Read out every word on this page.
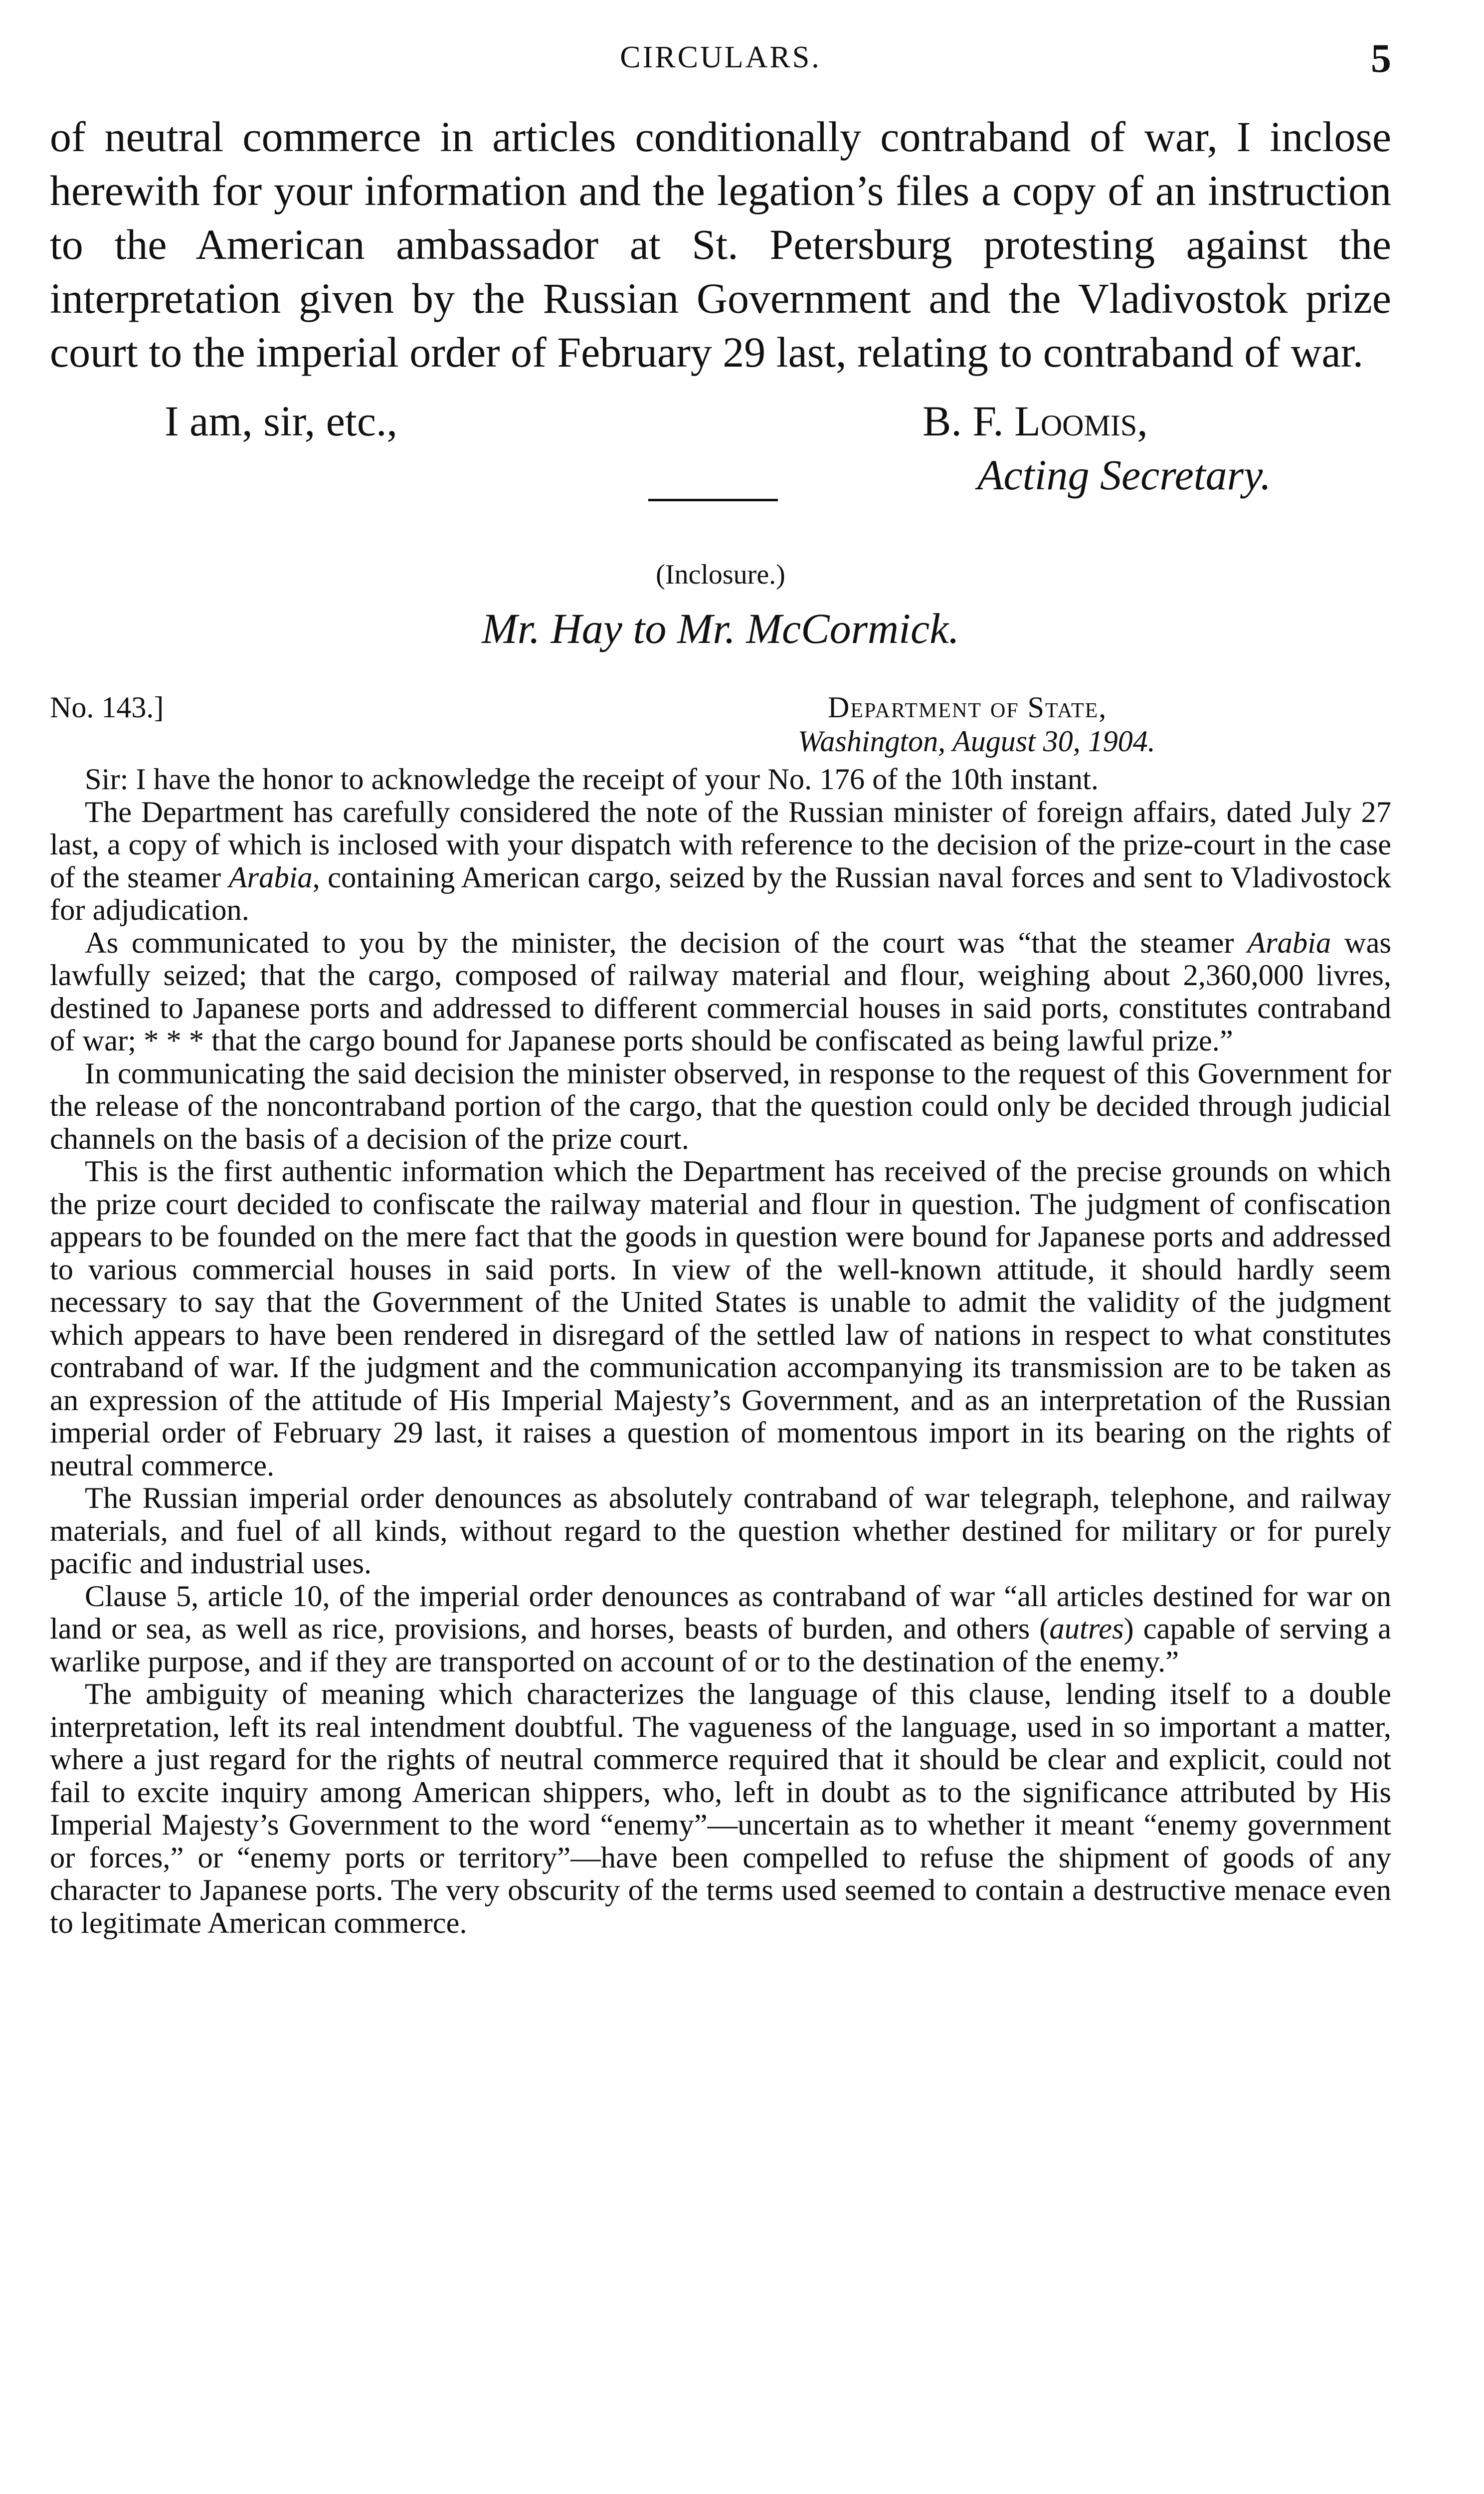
CIRCULARS.	5

of neutral commerce in articles conditionally contraband of war, I inclose herewith for your information and the legation’s files a copy of an instruction to the American ambassador at St. Petersburg protesting against the interpretation given by the Russian Government and the Vladivostok prize court to the imperial order of February 29 last, relating to contraband of war.

I am, sir, etc.,	B. F. Loomis,
Acting Secretary.
(Inclosure.)
Mr. Hay to Mr. McCormick.
No. 143.]	Department of State,
Washington, August 30, 1904.

Sir: I have the honor to acknowledge the receipt of your No. 176 of the 10th instant.

The Department has carefully considered the note of the Russian minister of foreign affairs, dated July 27 last, a copy of which is inclosed with your dispatch with reference to the decision of the prize-court in the case of the steamer Arabia, containing American cargo, seized by the Russian naval forces and sent to Vladivostock for adjudication.

As communicated to you by the minister, the decision of the court was “that the steamer Arabia was lawfully seized; that the cargo, composed of railway material and flour, weighing about 2,360,000 livres, destined to Japanese ports and addressed to different commercial houses in said ports, constitutes contraband of war; * * * that the cargo bound for Japanese ports should be confiscated as being lawful prize.”

In communicating the said decision the minister observed, in response to the request of this Government for the release of the noncontraband portion of the cargo, that the question could only be decided through judicial channels on the basis of a decision of the prize court.

This is the first authentic information which the Department has received of the precise grounds on which the prize court decided to confiscate the railway material and flour in question. The judgment of confiscation appears to be founded on the mere fact that the goods in question were bound for Japanese ports and addressed to various commercial houses in said ports. In view of the well-known attitude, it should hardly seem necessary to say that the Government of the United States is unable to admit the validity of the judgment which appears to have been rendered in disregard of the settled law of nations in respect to what constitutes contraband of war. If the judgment and the communication accompanying its transmission are to be taken as an expression of the attitude of His Imperial Majesty’s Government, and as an interpretation of the Russian imperial order of February 29 last, it raises a question of momentous import in its bearing on the rights of neutral commerce.

The Russian imperial order denounces as absolutely contraband of war telegraph, telephone, and railway materials, and fuel of all kinds, without regard to the question whether destined for military or for purely pacific and industrial uses.

Clause 5, article 10, of the imperial order denounces as contraband of war “all articles destined for war on land or sea, as well as rice, provisions, and horses, beasts of burden, and others (autres) capable of serving a warlike purpose, and if they are transported on account of or to the destination of the enemy.”

The ambiguity of meaning which characterizes the language of this clause, lending itself to a double interpretation, left its real intendment doubtful. The vagueness of the language, used in so important a matter, where a just regard for the rights of neutral commerce required that it should be clear and explicit, could not fail to excite inquiry among American shippers, who, left in doubt as to the significance attributed by His Imperial Majesty’s Government to the word “enemy”—uncertain as to whether it meant “enemy government or forces,” or “enemy ports or territory”—have been compelled to refuse the shipment of goods of any character to Japanese ports. The very obscurity of the terms used seemed to contain a destructive menace even to legitimate American commerce.
